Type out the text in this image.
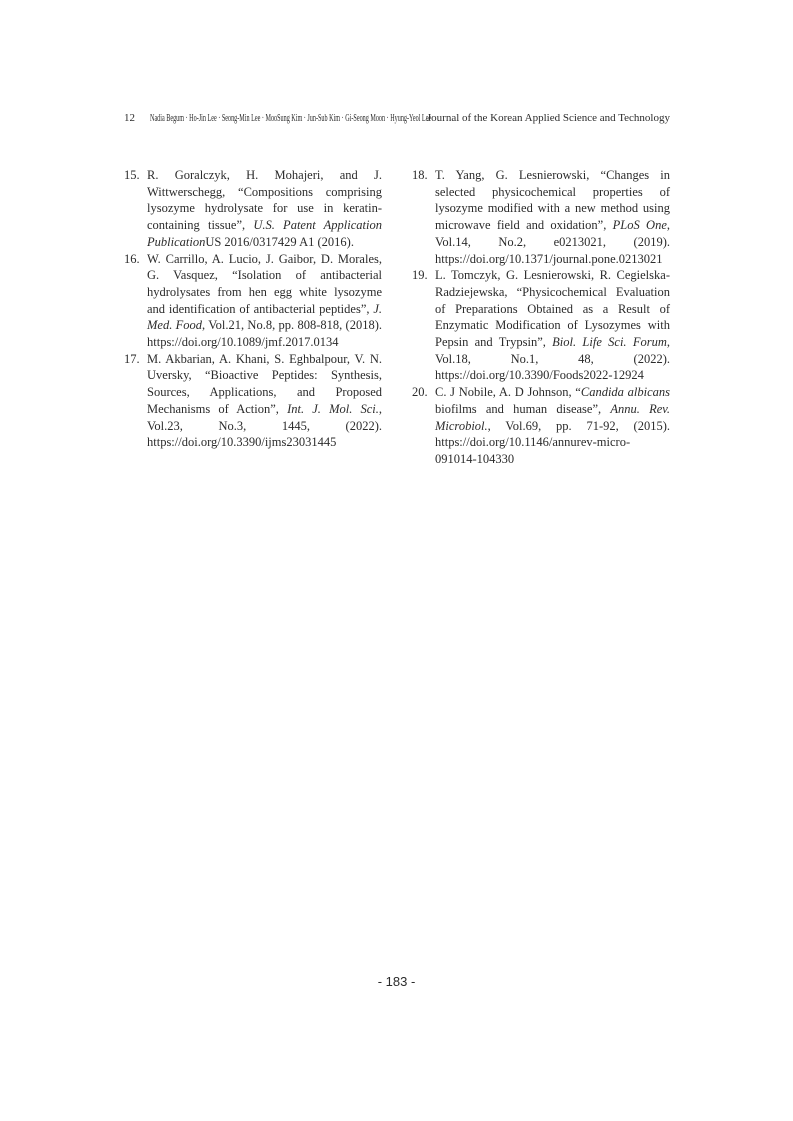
12 Nadia Begum · Ho-Jin Lee · Seong-Min Lee · MooSung Kim · Jun-Sub Kim · Gi-Seong Moon · Hyung-Yeol Lee
Journal of the Korean Applied Science and Technology
15. R. Goralczyk, H. Mohajeri, and J. Wittwerschegg, “Compositions comprising lysozyme hydrolysate for use in keratin-containing tissue”, U.S. Patent Application PublicationUS 2016/0317429 A1 (2016).
16. W. Carrillo, A. Lucio, J. Gaibor, D. Morales, G. Vasquez, “Isolation of antibacterial hydrolysates from hen egg white lysozyme and identification of antibacterial peptides”, J. Med. Food, Vol.21, No.8, pp. 808-818, (2018). https://doi.org/10.1089/jmf.2017.0134
17. M. Akbarian, A. Khani, S. Eghbalpour, V. N. Uversky, “Bioactive Peptides: Synthesis, Sources, Applications, and Proposed Mechanisms of Action”, Int. J. Mol. Sci., Vol.23, No.3, 1445, (2022). https://doi.org/10.3390/ijms23031445
18. T. Yang, G. Lesnierowski, “Changes in selected physicochemical properties of lysozyme modified with a new method using microwave field and oxidation”, PLoS One, Vol.14, No.2, e0213021, (2019). https://doi.org/10.1371/journal.pone.0213021
19. L. Tomczyk, G. Lesnierowski, R. Cegielska-Radziejewska, “Physicochemical Evaluation of Preparations Obtained as a Result of Enzymatic Modification of Lysozymes with Pepsin and Trypsin”, Biol. Life Sci. Forum, Vol.18, No.1, 48, (2022). https://doi.org/10.3390/Foods2022-12924
20. C. J Nobile, A. D Johnson, “Candida albicans biofilms and human disease”, Annu. Rev. Microbiol., Vol.69, pp. 71-92, (2015). https://doi.org/10.1146/annurev-micro-091014-104330
- 183 -
